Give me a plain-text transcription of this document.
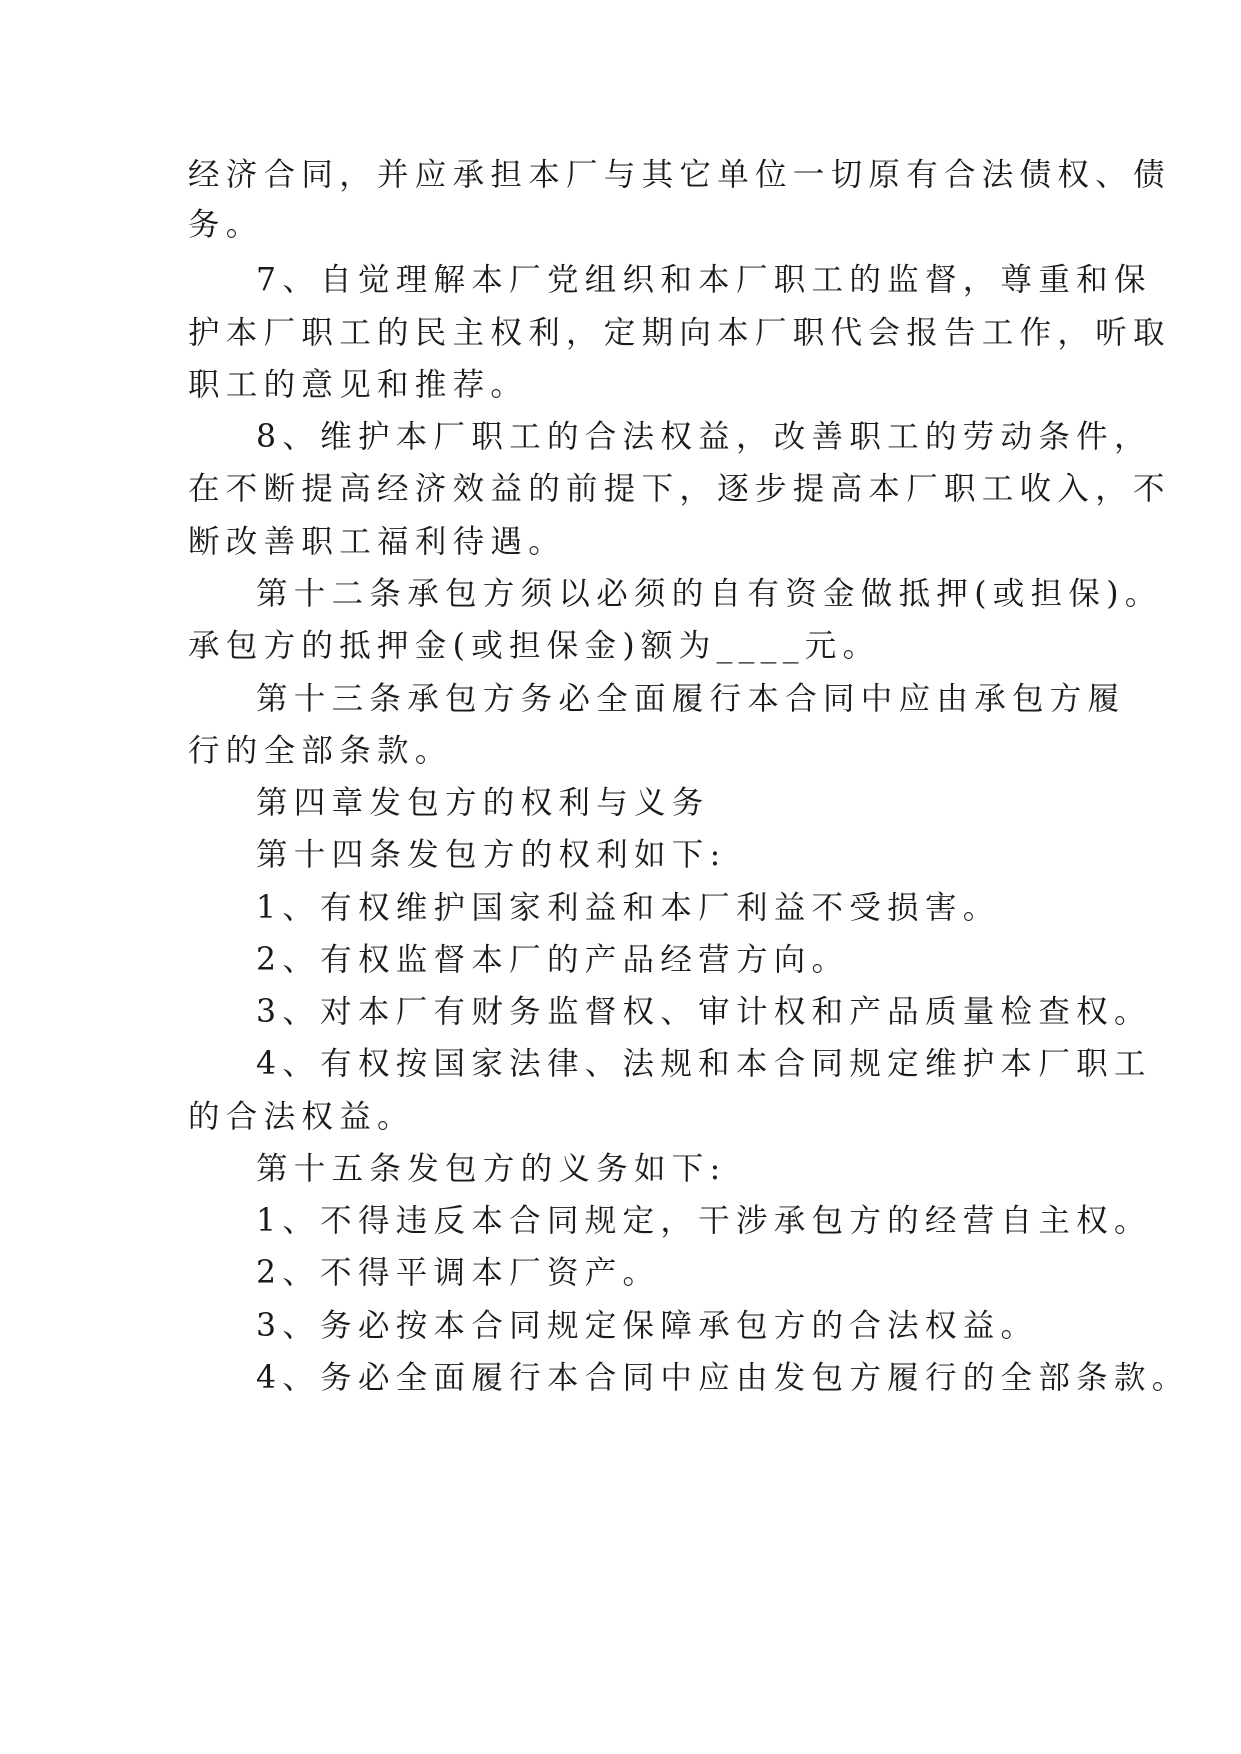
经济合同，并应承担本厂与其它单位一切原有合法债权、债
务。
7、自觉理解本厂党组织和本厂职工的监督，尊重和保
护本厂职工的民主权利，定期向本厂职代会报告工作，听取
职工的意见和推荐。
8、维护本厂职工的合法权益，改善职工的劳动条件，
在不断提高经济效益的前提下，逐步提高本厂职工收入，不
断改善职工福利待遇。
第十二条承包方须以必须的自有资金做抵押(或担保)。
承包方的抵押金(或担保金)额为____元。
第十三条承包方务必全面履行本合同中应由承包方履
行的全部条款。
第四章发包方的权利与义务
第十四条发包方的权利如下:
1、有权维护国家利益和本厂利益不受损害。
2、有权监督本厂的产品经营方向。
3、对本厂有财务监督权、审计权和产品质量检查权。
4、有权按国家法律、法规和本合同规定维护本厂职工
的合法权益。
第十五条发包方的义务如下:
1、不得违反本合同规定，干涉承包方的经营自主权。
2、不得平调本厂资产。
3、务必按本合同规定保障承包方的合法权益。
4、务必全面履行本合同中应由发包方履行的全部条款。
